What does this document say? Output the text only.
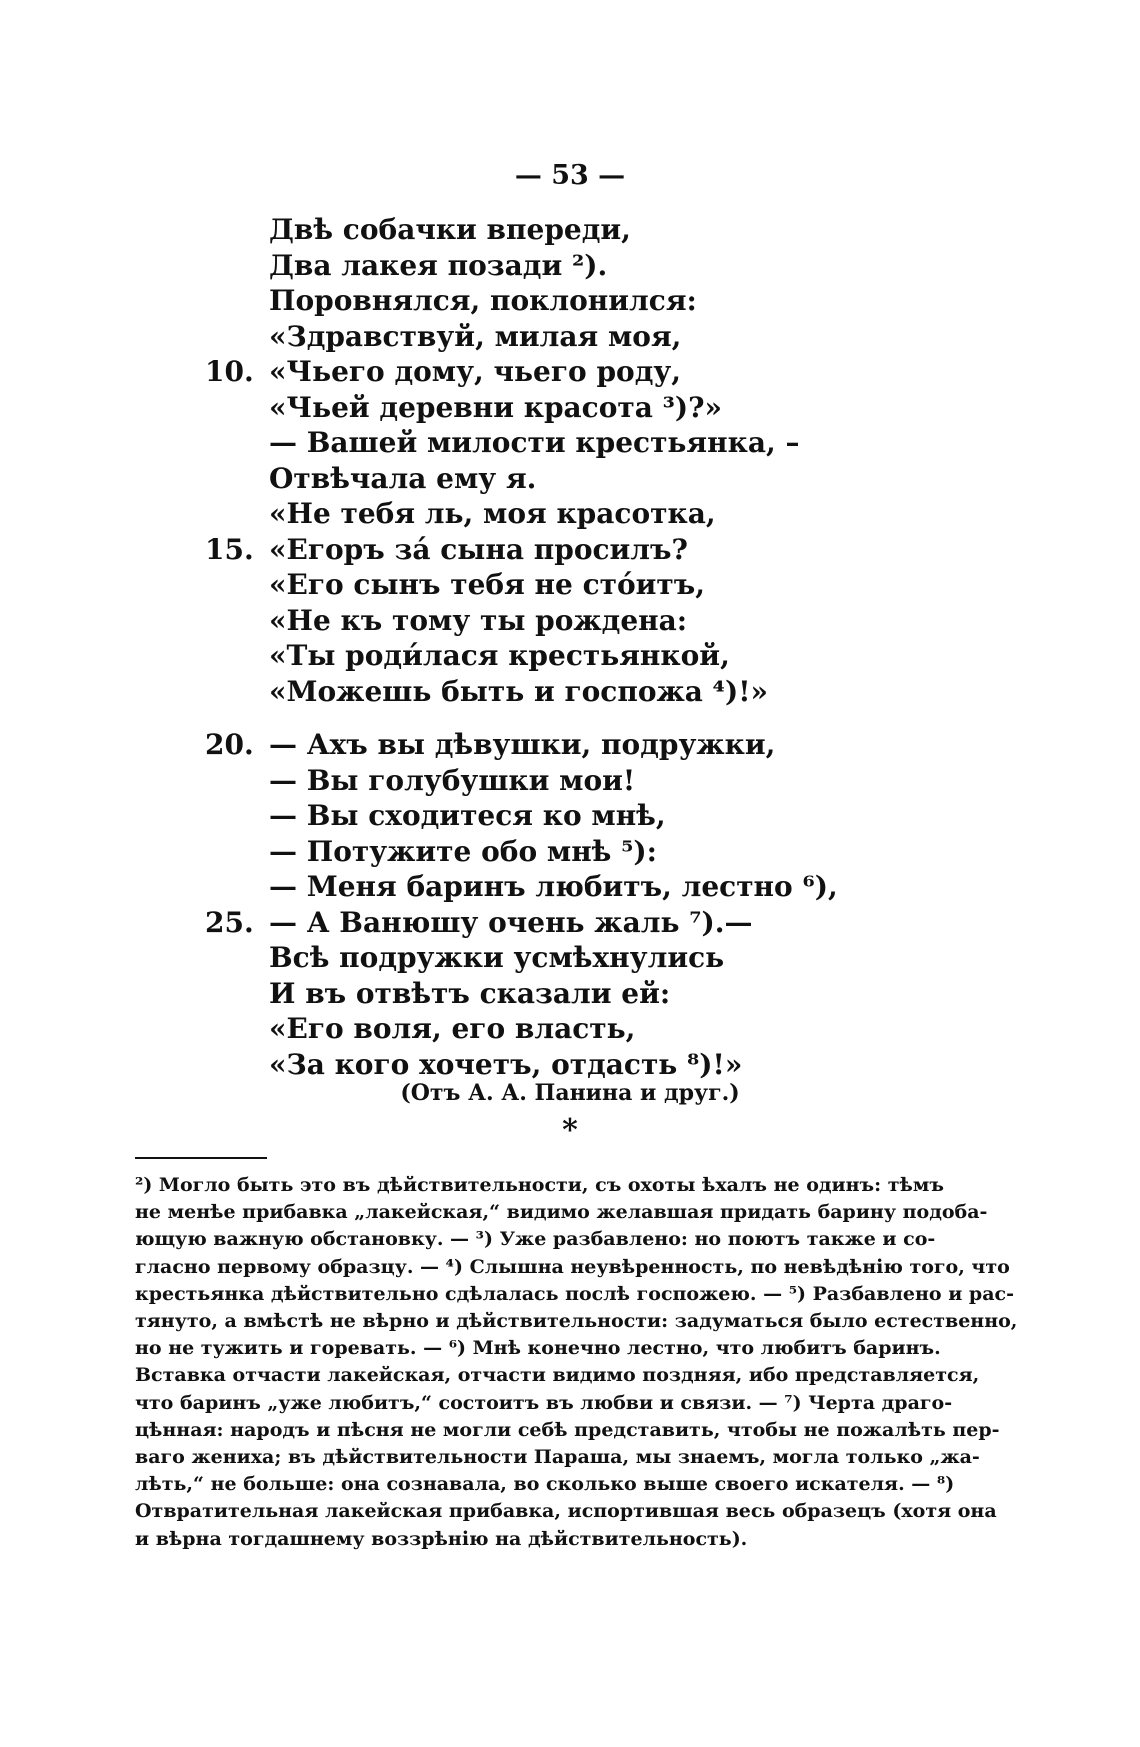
— 53 —
Двѣ собачки впереди,
Два лакея позади ²).
Поровнялся, поклонился:
«Здравствуй, милая моя,
10. «Чьего дому, чьего роду,
«Чьей деревни красота ³)?»
— Вашей милости крестьянка, –
Отвѣчала ему я.
«Не тебя ль, моя красотка,
15. «Егоръ за́ сына просилъ?
«Его сынъ тебя не сто́итъ,
«Не къ тому ты рождена:
«Ты роди́лася крестьянкой,
«Можешь быть и госпожа ⁴)!»
20. — Ахъ вы дѣвушки, подружки,
— Вы голубушки мои!
— Вы сходитеся ко мнѣ,
— Потужите обо мнѣ ⁵):
— Меня баринъ любитъ, лестно ⁶),
25. — А Ванюшу очень жаль ⁷).—
Всѣ подружки усмѣхнулись
И въ отвѣтъ сказали ей:
«Его воля, его власть,
«За кого хочетъ, отдасть ⁸)!»
(Отъ А. А. Панина и друг.)
*
²) Могло быть это въ дѣйствительности, съ охоты ѣхалъ не одинъ: тѣмъ
не менѣе прибавка „лакейская,“ видимо желавшая придать барину подоба-
ющую важную обстановку. — ³) Уже разбавлено: но поютъ также и со-
гласно первому образцу. — ⁴) Слышна неувѣренность, по невѣдѣнію того, что
крестьянка дѣйствительно сдѣлалась послѣ госпожею. — ⁵) Разбавлено и рас-
тянуто, а вмѣстѣ не вѣрно и дѣйствительности: задуматься было естественно,
но не тужить и горевать. — ⁶) Мнѣ конечно лестно, что любитъ баринъ.
Вставка отчасти лакейская, отчасти видимо поздняя, ибо представляется,
что баринъ „уже любитъ,“ состоитъ въ любви и связи. — ⁷) Черта драго-
цѣнная: народъ и пѣсня не могли себѣ представить, чтобы не пожалѣть пер-
ваго жениха; въ дѣйствительности Параша, мы знаемъ, могла только „жа-
лѣть,“ не больше: она сознавала, во сколько выше своего искателя. — ⁸)
Отвратительная лакейская прибавка, испортившая весь образецъ (хотя она
и вѣрна тогдашнему воззрѣнію на дѣйствительность).
